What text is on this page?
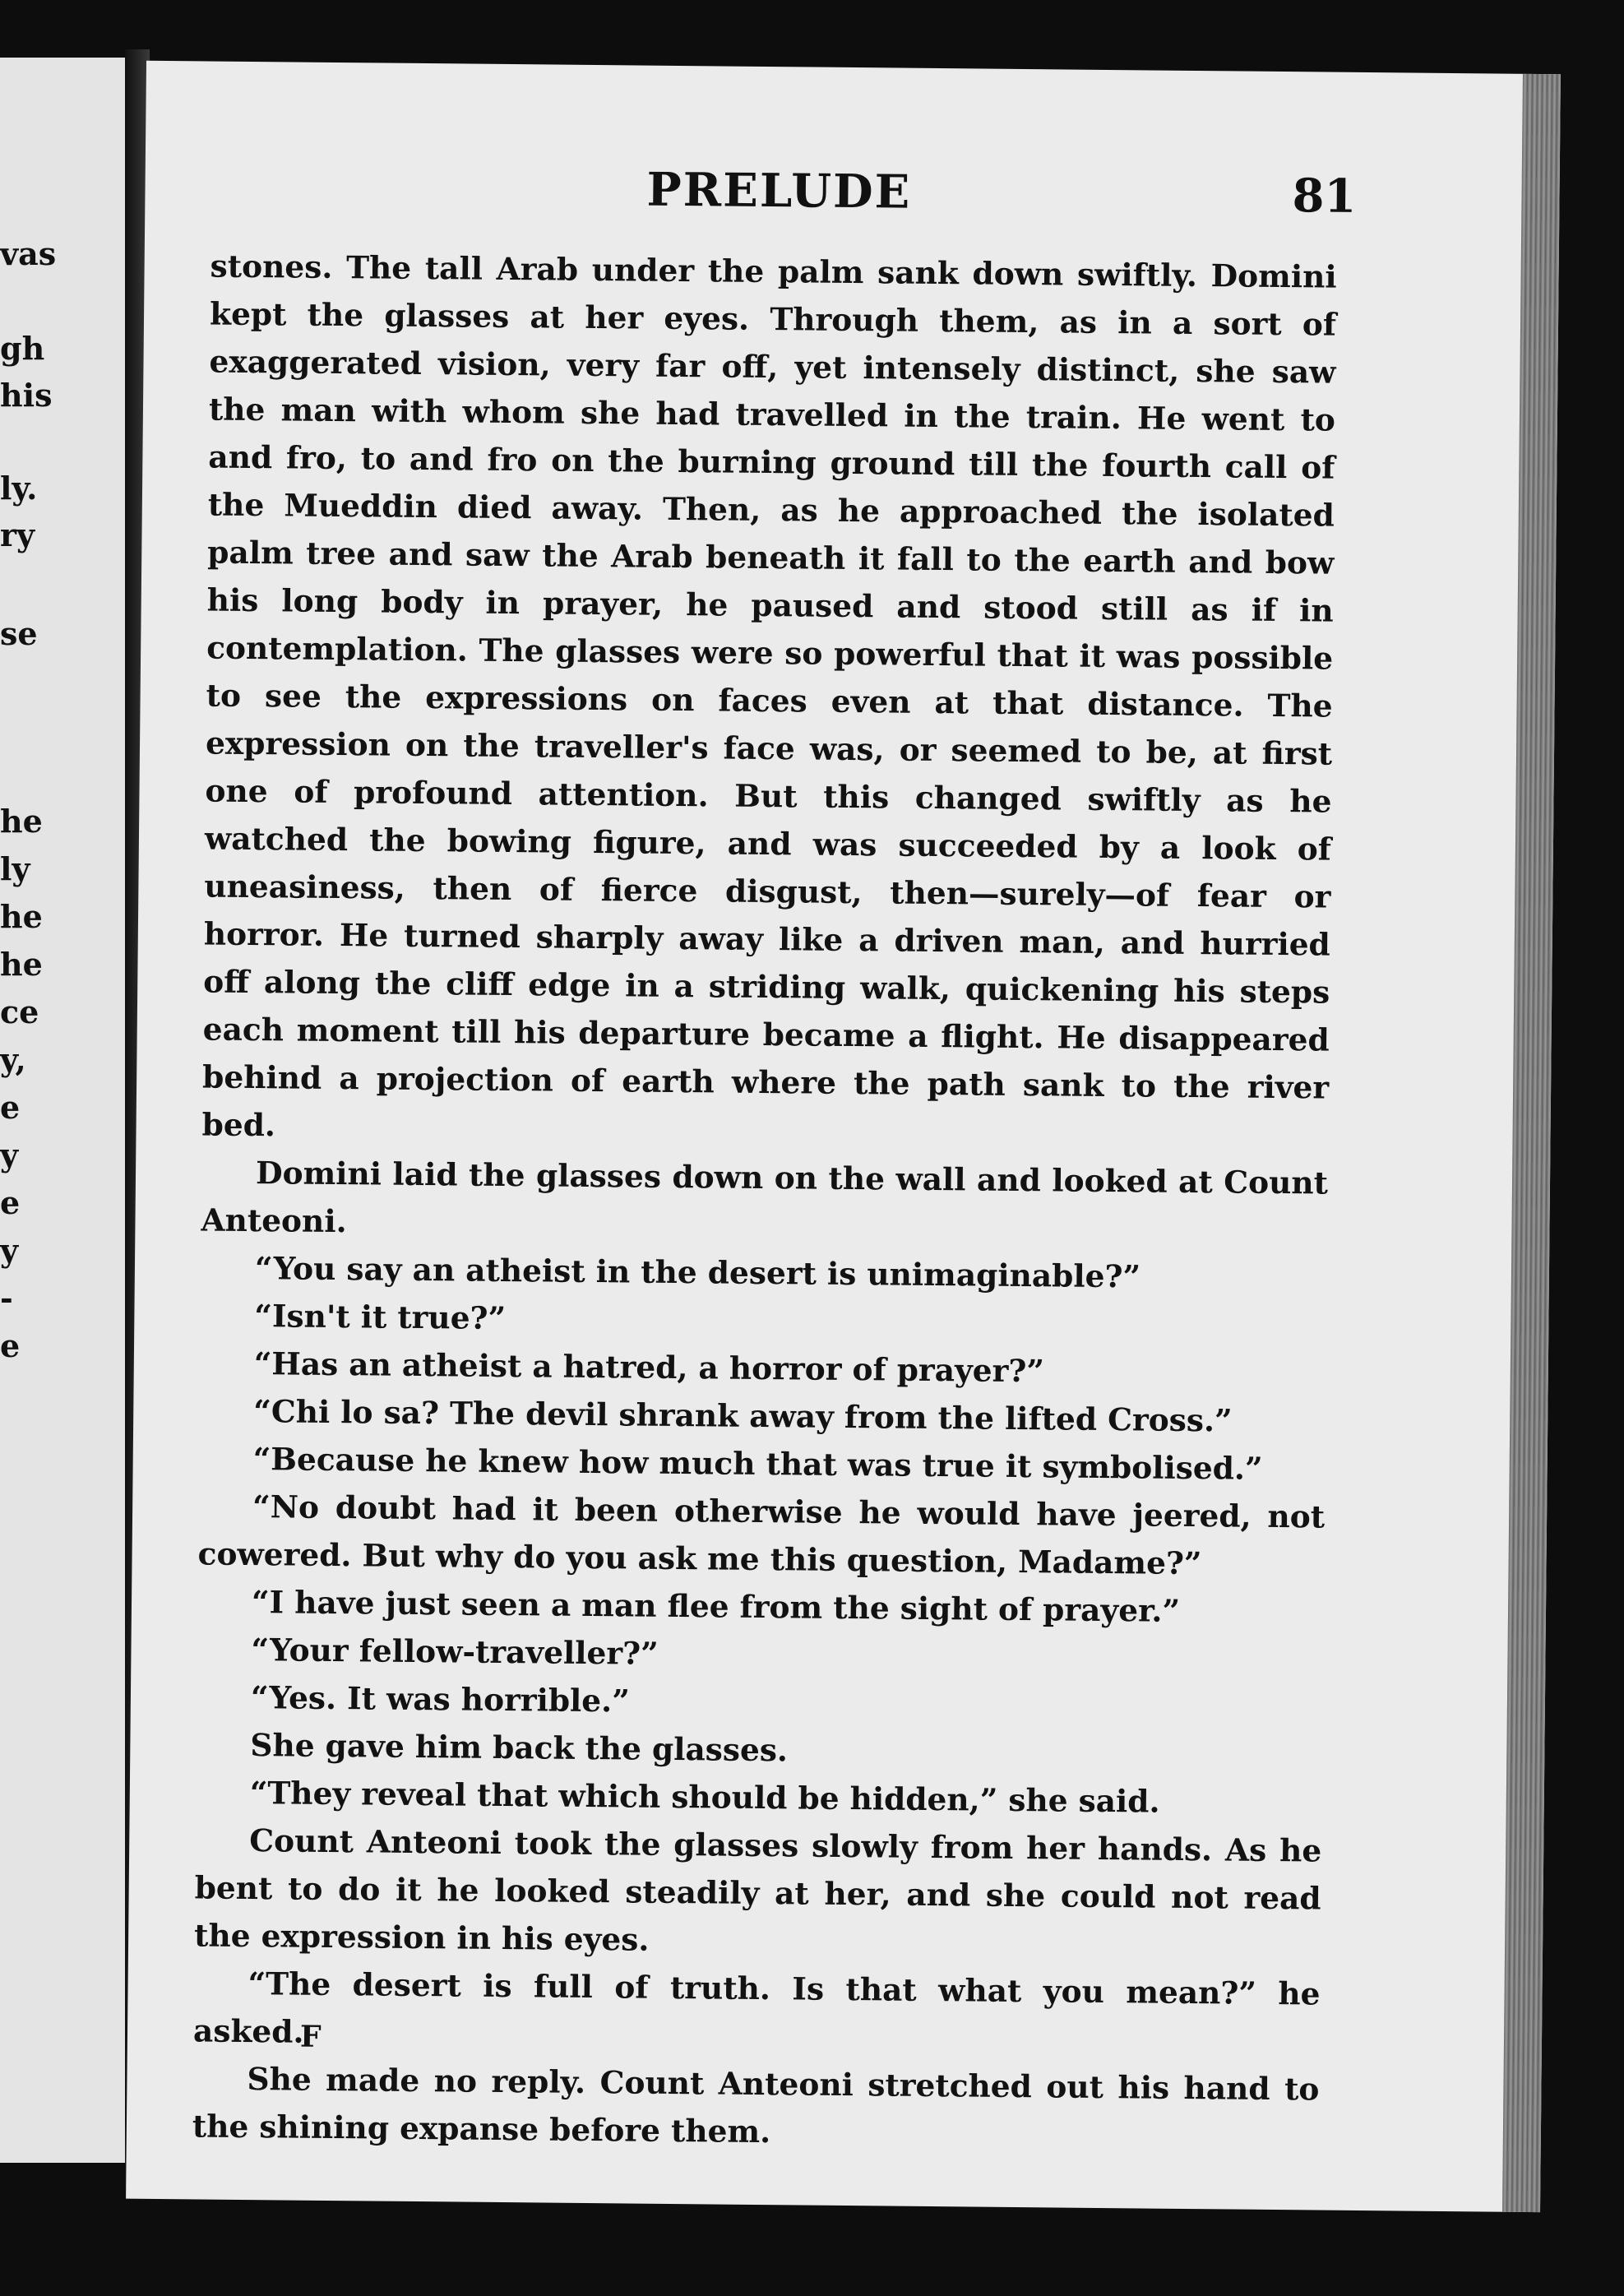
vas
gh
his
ly.
ry
se
he
ly
he
he
ce
y,
e
y
e
y
-
e
PRELUDE	81

stones. The tall Arab under the palm sank down swiftly. Domini kept the glasses at her eyes. Through them, as in a sort of exaggerated vision, very far off, yet intensely distinct, she saw the man with whom she had travelled in the train. He went to and fro, to and fro on the burning ground till the fourth call of the Mueddin died away. Then, as he approached the isolated palm tree and saw the Arab beneath it fall to the earth and bow his long body in prayer, he paused and stood still as if in contemplation. The glasses were so powerful that it was possible to see the expressions on faces even at that distance. The expression on the traveller's face was, or seemed to be, at first one of profound attention. But this changed swiftly as he watched the bowing figure, and was succeeded by a look of uneasiness, then of fierce disgust, then—surely—of fear or horror. He turned sharply away like a driven man, and hurried off along the cliff edge in a striding walk, quickening his steps each moment till his departure became a flight. He disappeared behind a projection of earth where the path sank to the river bed.

Domini laid the glasses down on the wall and looked at Count Anteoni.

“You say an atheist in the desert is unimaginable?”

“Isn't it true?”

“Has an atheist a hatred, a horror of prayer?”

“Chi lo sa? The devil shrank away from the lifted Cross.”

“Because he knew how much that was true it symbolised.”

“No doubt had it been otherwise he would have jeered, not cowered. But why do you ask me this question, Madame?”

“I have just seen a man flee from the sight of prayer.”

“Your fellow-traveller?”

“Yes. It was horrible.”

She gave him back the glasses.

“They reveal that which should be hidden,” she said.

Count Anteoni took the glasses slowly from her hands. As he bent to do it he looked steadily at her, and she could not read the expression in his eyes.

“The desert is full of truth. Is that what you mean?” he asked.

She made no reply. Count Anteoni stretched out his hand to the shining expanse before them.

F
